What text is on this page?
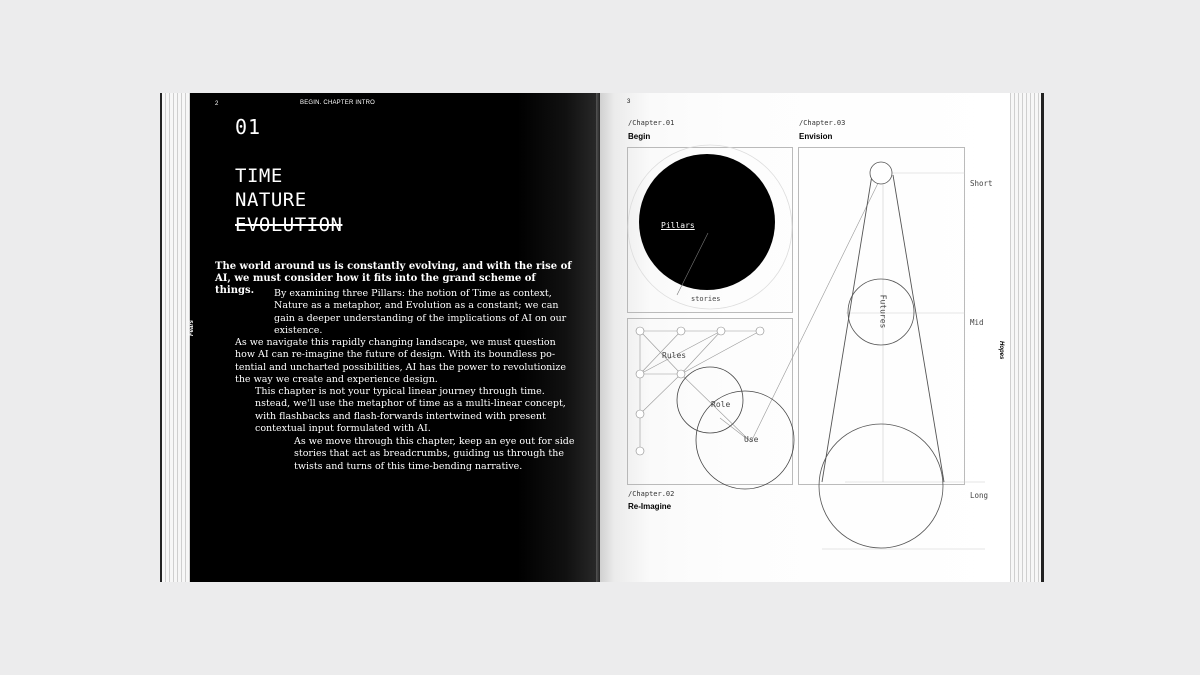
2	BEGIN. CHAPTER INTRO
01
TIME
NATURE
EVOLUTION
Fears
The world around us is constantly evolving, and with the rise of AI, we must consider how it fits into the grand scheme of things.	By examining three Pillars: the notion of Time as context,
Nature as a metaphor, and Evolution as a constant; we can
gain a deeper understanding of the implications of AI on our
existence.
As we navigate this rapidly changing landscape, we must question
how AI can re-imagine the future of design. With its boundless po-
tential and uncharted possibilities, AI has the power to revolutionize
the way we create and experience design.
This chapter is not your typical linear journey through time.
nstead, we'll use the metaphor of time as a multi-linear concept,
with flashbacks and flash-forwards intertwined with present
contextual input formulated with AI.
As we move through this chapter, keep an eye out for side
stories that act as breadcrumbs, guiding us through the
twists and turns of this time-bending narrative.
3
/Chapter.01
Begin
/Chapter.03
Envision
/Chapter.02
Re-Imagine
Pillars
stories
Rules
Role
Use
Futures
Short
Mid
Long
Hopes
